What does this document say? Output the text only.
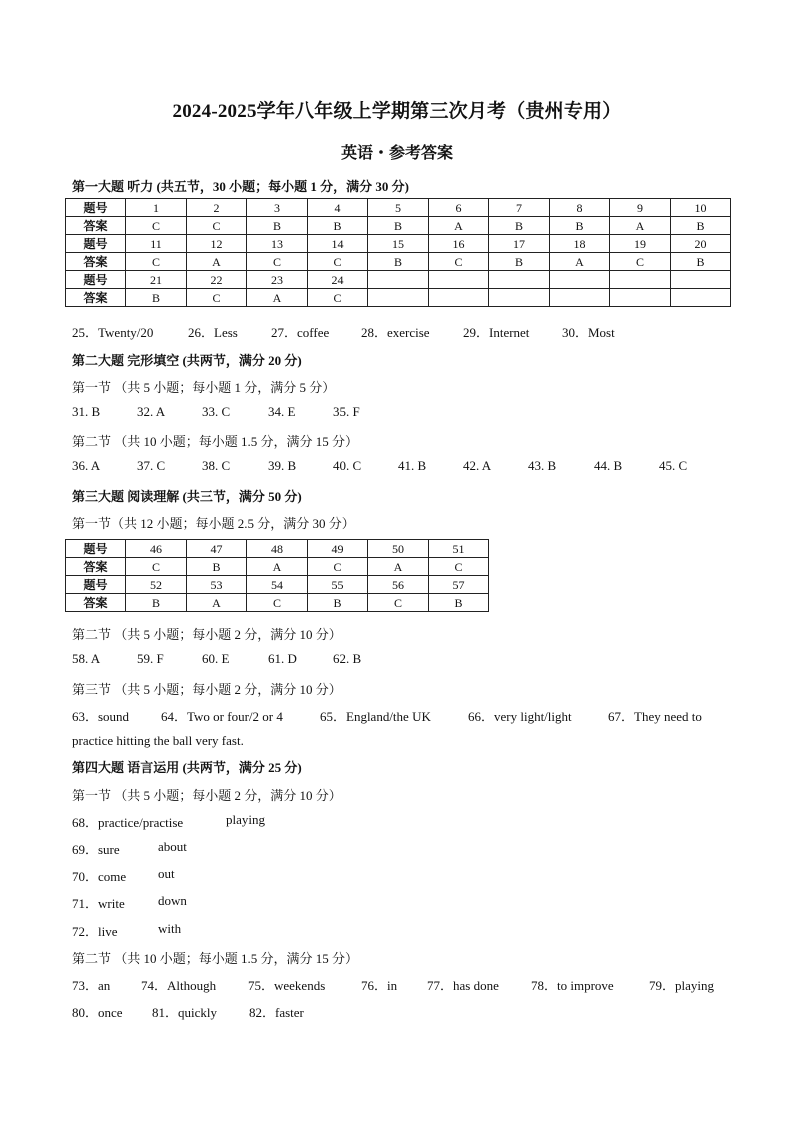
2024-2025学年八年级上学期第三次月考（贵州专用）
英语・参考答案
第一大题 听力 (共五节，30 小题；每小题 1 分，满分 30 分)
题号	1	2	3	4	5	6	7	8	9	10
答案	C	C	B	B	B	A	B	B	A	B
题号	11	12	13	14	15	16	17	18	19	20
答案	C	A	C	C	B	C	B	A	C	B
题号	21	22	23	24						
答案	B	C	A	C						
25．Twenty/20	26．Less	27．coffee 28．exercise	29．Internet	30．Most
第二大题 完形填空 (共两节，满分 20 分)
第一节 （共 5 小题；每小题 1 分，满分 5 分）
31. B	32. A	33. C	34. E	35. F
第二节 （共 10 小题；每小题 1.5 分，满分 15 分）
36. A	37. C	38. C	39. B	40. C	41. B	42. A	43. B	44. B	45. C
第三大题 阅读理解 (共三节，满分 50 分)
第一节（共 12 小题；每小题 2.5 分，满分 30 分）
题号	46	47	48	49	50	51
答案	C	B	A	C	A	C
题号	52	53	54	55	56	57
答案	B	A	C	B	C	B
第二节 （共 5 小题；每小题 2 分，满分 10 分）
58. A	59. F	60. E	61. D	62. B
第三节 （共 5 小题；每小题 2 分，满分 10 分）
63．sound 64．Two or four/2 or 4	65．England/the UK	66．very light/light	67．They need to
practice hitting the ball very fast.
第四大题 语言运用 (共两节，满分 25 分)
第一节 （共 5 小题；每小题 2 分，满分 10 分）
68．practice/practise	playing
69．sure	about
70．come out
71．write	down
72．live	with
第二节 （共 10 小题；每小题 1.5 分，满分 15 分）
73．an 74．Although 75．weekends	76．in 77．has done 78．to improve	79．playing
80．once 81．quickly 82．faster
